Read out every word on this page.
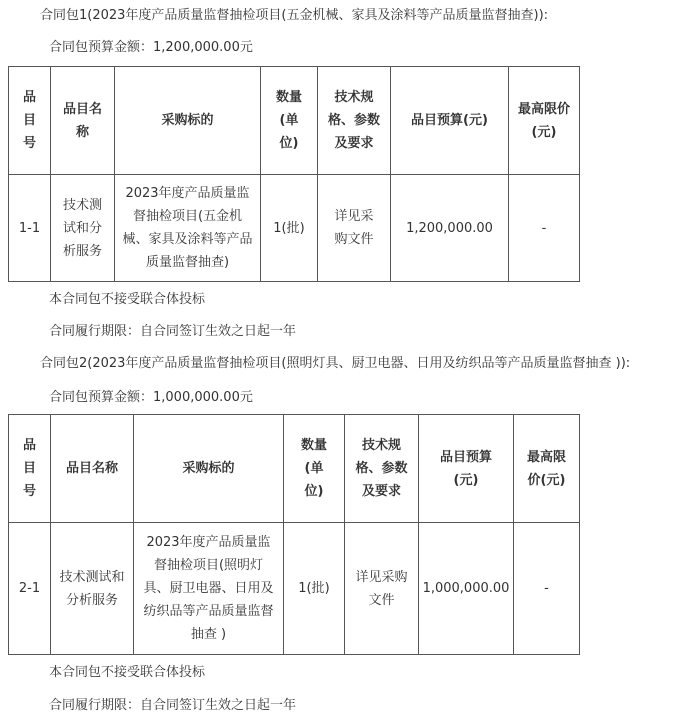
合同包1(2023年度产品质量监督抽检项目(五金机械、家具及涂料等产品质量监督抽查)):
合同包预算金额：1,200,000.00元
品目号	品目名称	采购标的	数量(单位)	技术规格、参数及要求	品目预算(元)	最高限价(元)
1-1	技术测试和分析服务	2023年度产品质量监督抽检项目(五金机械、家具及涂料等产品质量监督抽查)	1(批)	详见采购文件	1,200,000.00	-
本合同包不接受联合体投标
合同履行期限：自合同签订生效之日起一年
合同包2(2023年度产品质量监督抽检项目(照明灯具、厨卫电器、日用及纺织品等产品质量监督抽查 )):
合同包预算金额：1,000,000.00元
品目号	品目名称	采购标的	数量(单位)	技术规格、参数及要求	品目预算(元)	最高限价(元)
2-1	技术测试和分析服务	2023年度产品质量监督抽检项目(照明灯具、厨卫电器、日用及纺织品等产品质量监督抽查 )	1(批)	详见采购文件	1,000,000.00	-
本合同包不接受联合体投标
合同履行期限：自合同签订生效之日起一年
